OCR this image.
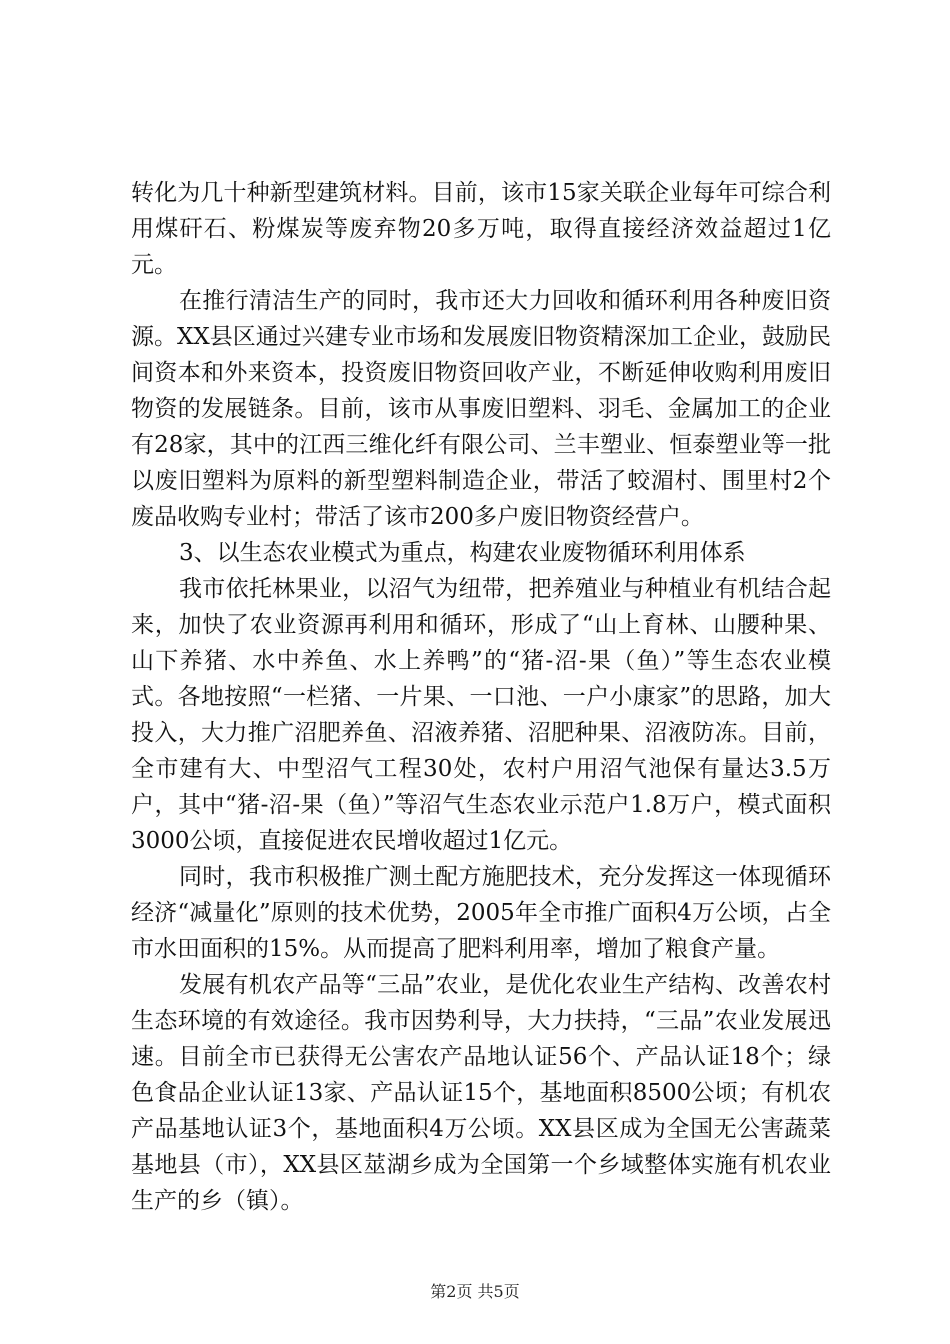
转化为几十种新型建筑材料。目前，该市15家关联企业每年可综合利用煤矸石、粉煤炭等废弃物20多万吨，取得直接经济效益超过1亿元。

在推行清洁生产的同时，我市还大力回收和循环利用各种废旧资源。XX县区通过兴建专业市场和发展废旧物资精深加工企业，鼓励民间资本和外来资本，投资废旧物资回收产业，不断延伸收购利用废旧物资的发展链条。目前，该市从事废旧塑料、羽毛、金属加工的企业有28家，其中的江西三维化纤有限公司、兰丰塑业、恒泰塑业等一批以废旧塑料为原料的新型塑料制造企业，带活了蛟湄村、围里村2个废品收购专业村；带活了该市200多户废旧物资经营户。

3、以生态农业模式为重点，构建农业废物循环利用体系

我市依托林果业，以沼气为纽带，把养殖业与种植业有机结合起来，加快了农业资源再利用和循环，形成了“山上育林、山腰种果、山下养猪、水中养鱼、水上养鸭”的“猪-沼-果（鱼）”等生态农业模式。各地按照“一栏猪、一片果、一口池、一户小康家”的思路，加大投入，大力推广沼肥养鱼、沼液养猪、沼肥种果、沼液防冻。目前，全市建有大、中型沼气工程30处，农村户用沼气池保有量达3.5万户，其中“猪-沼-果（鱼）”等沼气生态农业示范户1.8万户，模式面积3000公顷，直接促进农民增收超过1亿元。

同时，我市积极推广测土配方施肥技术，充分发挥这一体现循环经济“减量化”原则的技术优势，2005年全市推广面积4万公顷，占全市水田面积的15%。从而提高了肥料利用率，增加了粮食产量。

发展有机农产品等“三品”农业，是优化农业生产结构、改善农村生态环境的有效途径。我市因势利导，大力扶持，“三品”农业发展迅速。目前全市已获得无公害农产品地认证56个、产品认证18个；绿色食品企业认证13家、产品认证15个，基地面积8500公顷；有机农产品基地认证3个，基地面积4万公顷。XX县区成为全国无公害蔬菜基地县（市），XX县区莁湖乡成为全国第一个乡域整体实施有机农业生产的乡（镇）。

第2页 共5页
